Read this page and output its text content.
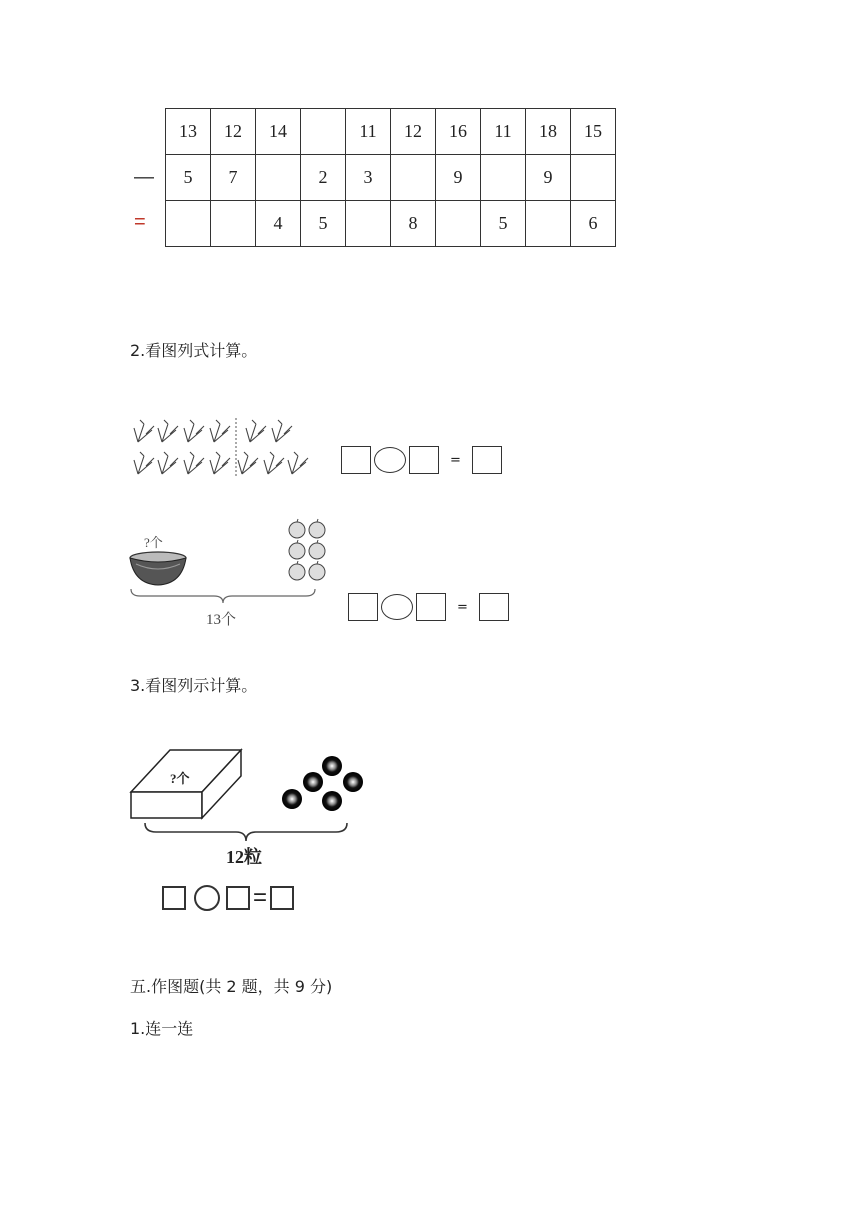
—
=
13	12	14		11	12	16	11	18	15
5	7		2	3		9		9	
		4	5		8		5		6
2.看图列式计算。
=
?个
13个
=
3.看图列示计算。
?个
12粒
=
五.作图题(共 2 题，共 9 分)
1.连一连
